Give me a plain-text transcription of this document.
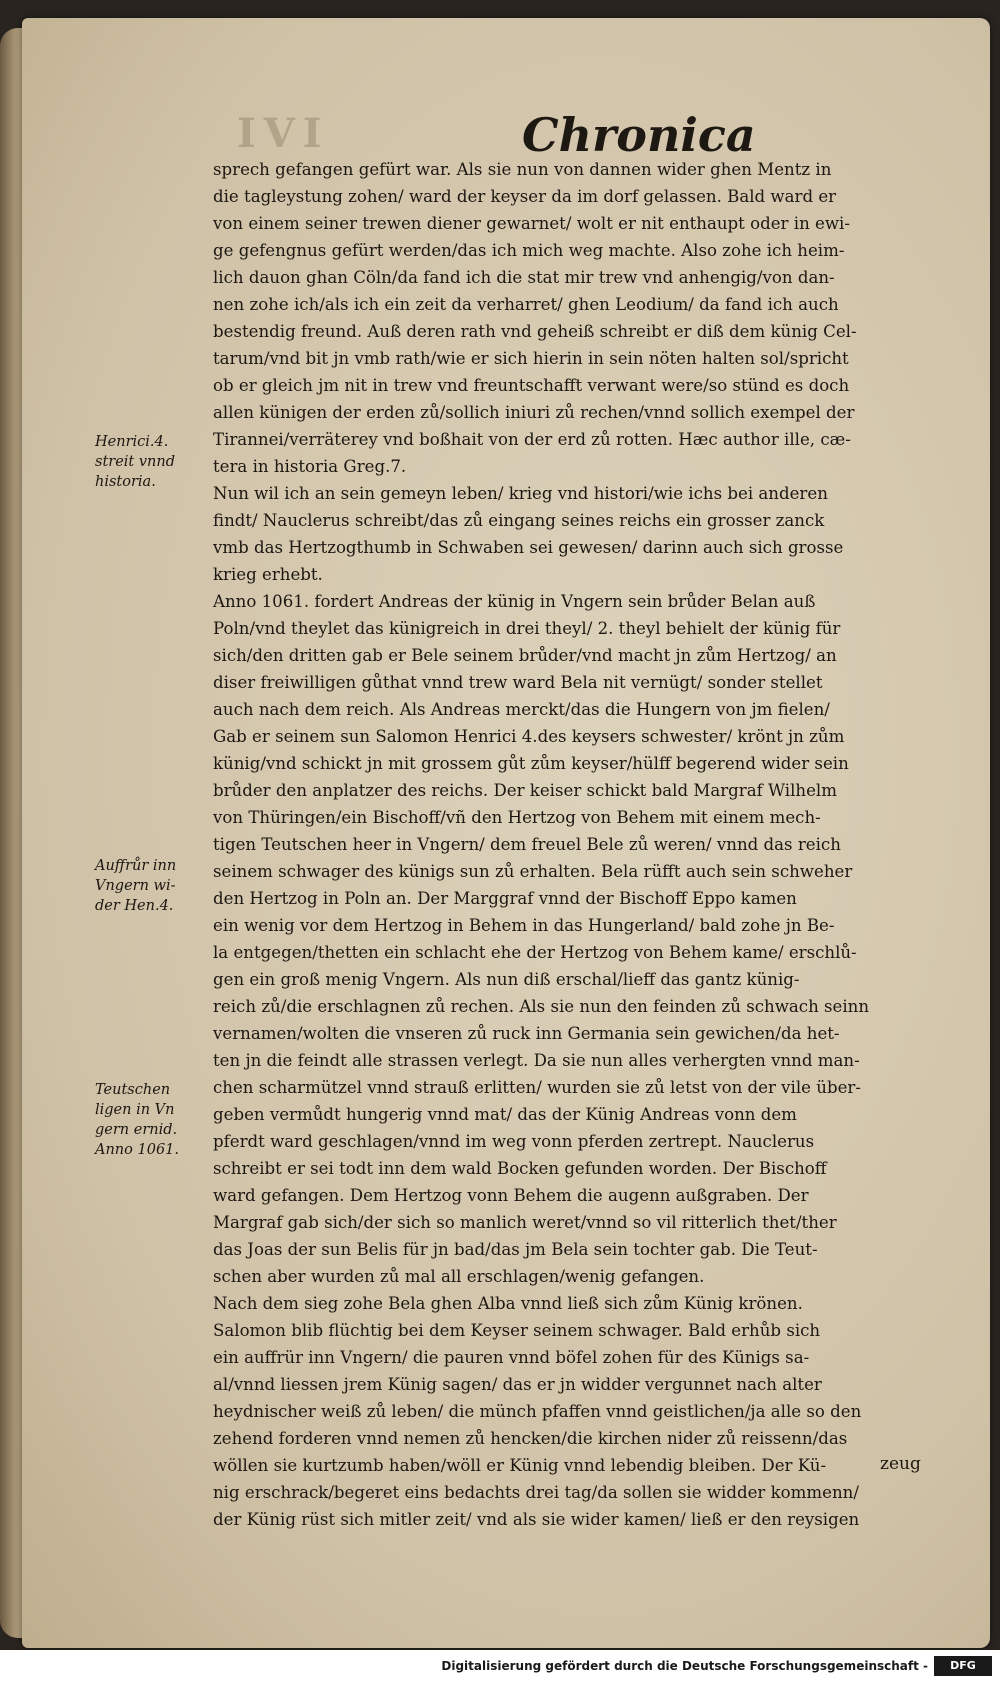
IVI	Chronica
sprech gefangen gefürt war. Als sie nun von dannen wider ghen Mentz in
die tagleystung zohen/ ward der keyser da im dorf gelassen. Bald ward er
von einem seiner trewen diener gewarnet/ wolt er nit enthaupt oder in ewi-
ge gefengnus gefürt werden/das ich mich weg machte. Also zohe ich heim-
lich dauon ghan Cöln/da fand ich die stat mir trew vnd anhengig/von dan-
nen zohe ich/als ich ein zeit da verharret/ ghen Leodium/ da fand ich auch
bestendig freund. Auß deren rath vnd geheiß schreibt er diß dem künig Cel-
tarum/vnd bit jn vmb rath/wie er sich hierin in sein nöten halten sol/spricht
ob er gleich jm nit in trew vnd freuntschafft verwant were/so stünd es doch
allen künigen der erden zů/sollich iniuri zů rechen/vnnd sollich exempel der
Tirannei/verräterey vnd boßhait von der erd zů rotten. Hæc author ille, cæ-
tera in historia Greg.7.
Nun wil ich an sein gemeyn leben/ krieg vnd histori/wie ichs bei anderen
findt/ Nauclerus schreibt/das zů eingang seines reichs ein grosser zanck
vmb das Hertzogthumb in Schwaben sei gewesen/ darinn auch sich grosse
krieg erhebt.
Anno 1061. fordert Andreas der künig in Vngern sein brůder Belan auß
Poln/vnd theylet das künigreich in drei theyl/ 2. theyl behielt der künig für
sich/den dritten gab er Bele seinem brůder/vnd macht jn zům Hertzog/ an
diser freiwilligen gůthat vnnd trew ward Bela nit vernügt/ sonder stellet
auch nach dem reich. Als Andreas merckt/das die Hungern von jm fielen/
Gab er seinem sun Salomon Henrici 4.des keysers schwester/ krönt jn zům
künig/vnd schickt jn mit grossem gůt zům keyser/hülff begerend wider sein
brůder den anplatzer des reichs. Der keiser schickt bald Margraf Wilhelm
von Thüringen/ein Bischoff/vñ den Hertzog von Behem mit einem mech-
tigen Teutschen heer in Vngern/ dem freuel Bele zů weren/ vnnd das reich
seinem schwager des künigs sun zů erhalten. Bela rüfft auch sein schweher
den Hertzog in Poln an. Der Marggraf vnnd der Bischoff Eppo kamen
ein wenig vor dem Hertzog in Behem in das Hungerland/ bald zohe jn Be-
la entgegen/thetten ein schlacht ehe der Hertzog von Behem kame/ erschlů-
gen ein groß menig Vngern. Als nun diß erschal/lieff das gantz künig-
reich zů/die erschlagnen zů rechen. Als sie nun den feinden zů schwach seinn
vernamen/wolten die vnseren zů ruck inn Germania sein gewichen/da het-
ten jn die feindt alle strassen verlegt. Da sie nun alles verhergten vnnd man-
chen scharmützel vnnd strauß erlitten/ wurden sie zů letst von der vile über-
geben vermůdt hungerig vnnd mat/ das der Künig Andreas vonn dem
pferdt ward geschlagen/vnnd im weg vonn pferden zertrept. Nauclerus
schreibt er sei todt inn dem wald Bocken gefunden worden. Der Bischoff
ward gefangen. Dem Hertzog vonn Behem die augenn außgraben. Der
Margraf gab sich/der sich so manlich weret/vnnd so vil ritterlich thet/ther
das Joas der sun Belis für jn bad/das jm Bela sein tochter gab. Die Teut-
schen aber wurden zů mal all erschlagen/wenig gefangen.
Nach dem sieg zohe Bela ghen Alba vnnd ließ sich zům Künig krönen.
Salomon blib flüchtig bei dem Keyser seinem schwager. Bald erhůb sich
ein auffrür inn Vngern/ die pauren vnnd böfel zohen für des Künigs sa-
al/vnnd liessen jrem Künig sagen/ das er jn widder vergunnet nach alter
heydnischer weiß zů leben/ die münch pfaffen vnnd geistlichen/ja alle so den
zehend forderen vnnd nemen zů hencken/die kirchen nider zů reissenn/das
wöllen sie kurtzumb haben/wöll er Künig vnnd lebendig bleiben. Der Kü-
nig erschrack/begeret eins bedachts drei tag/da sollen sie widder kommenn/
der Künig rüst sich mitler zeit/ vnd als sie wider kamen/ ließ er den reysigen
Henrici.4.
streit vnnd
historia.
Auffrůr inn
Vngern wi-
der Hen.4.
Teutschen
ligen in Vn
gern ernid.
Anno 1061.
zeug
Digitalisierung gefördert durch die Deutsche Forschungsgemeinschaft -	DFG
